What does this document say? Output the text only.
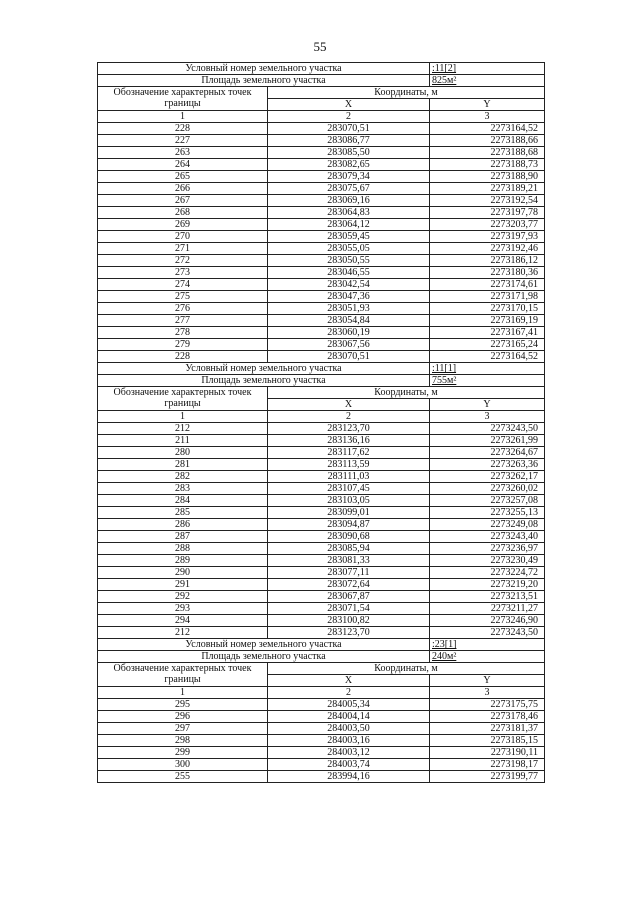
55
Условный номер земельного участка		:11[2]
Площадь земельного участка		825м²

Обозначение характерных точек
границы	Координаты, м	
	X	Y
1	2	3
228	283070,51	2273164,52
227	283086,77	2273188,66
263	283085,50	2273188,68
264	283082,65	2273188,73
265	283079,34	2273188,90
266	283075,67	2273189,21
267	283069,16	2273192,54
268	283064,83	2273197,78
269	283064,12	2273203,77
270	283059,45	2273197,93
271	283055,05	2273192,46
272	283050,55	2273186,12
273	283046,55	2273180,36
274	283042,54	2273174,61
275	283047,36	2273171,98
276	283051,93	2273170,15
277	283054,84	2273169,19
278	283060,19	2273167,41
279	283067,56	2273165,24
228	283070,51	2273164,52
Условный номер земельного участка		:11[1]
Площадь земельного участка		755м²

Обозначение характерных точек
границы	Координаты, м	
	X	Y
1	2	3
212	283123,70	2273243,50
211	283136,16	2273261,99
280	283117,62	2273264,67
281	283113,59	2273263,36
282	283111,03	2273262,17
283	283107,45	2273260,02
284	283103,05	2273257,08
285	283099,01	2273255,13
286	283094,87	2273249,08
287	283090,68	2273243,40
288	283085,94	2273236,97
289	283081,33	2273230,49
290	283077,11	2273224,72
291	283072,64	2273219,20
292	283067,87	2273213,51
293	283071,54	2273211,27
294	283100,82	2273246,90
212	283123,70	2273243,50
Условный номер земельного участка		:23[1]
Площадь земельного участка		240м²

Обозначение характерных точек
границы	Координаты, м	
	X	Y
1	2	3
295	284005,34	2273175,75
296	284004,14	2273178,46
297	284003,50	2273181,37
298	284003,16	2273185,15
299	284003,12	2273190,11
300	284003,74	2273198,17
255	283994,16	2273199,77
